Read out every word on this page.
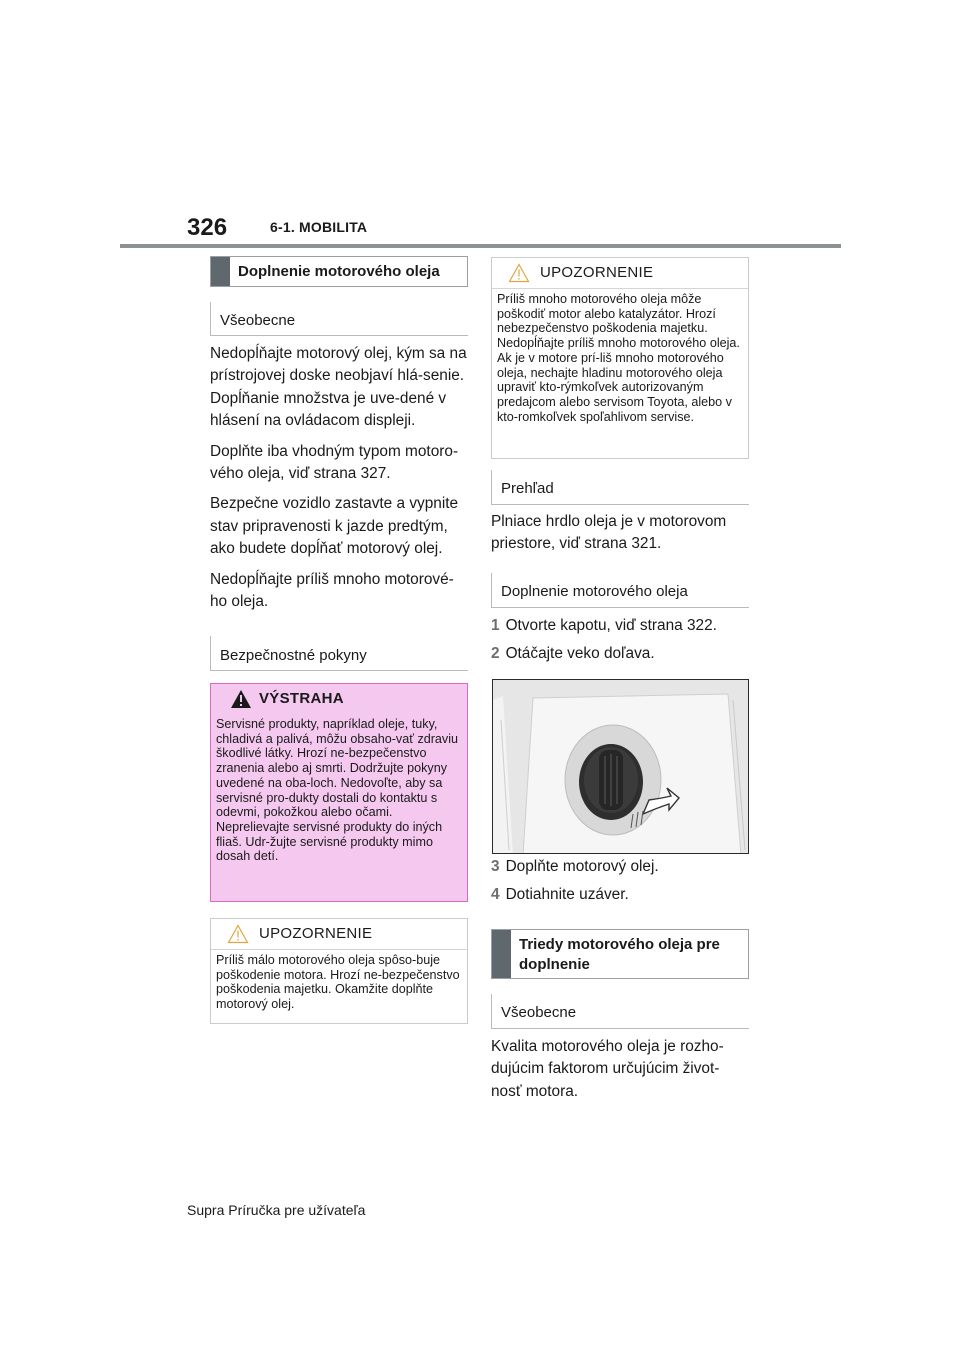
326	6-1. MOBILITA
Doplnenie motorového oleja
Všeobecne

Nedopĺňajte motorový olej, kým sa na prístrojovej doske neobjaví hlá-senie. Dopĺňanie množstva je uve-dené v hlásení na ovládacom displeji.

Doplňte iba vhodným typom motoro-vého oleja, viď strana 327.

Bezpečne vozidlo zastavte a vypnite stav pripravenosti k jazde predtým, ako budete dopĺňať motorový olej.

Nedopĺňajte príliš mnoho motorové-ho oleja.

Bezpečnostné pokyny
VÝSTRAHA
Servisné produkty, napríklad oleje, tuky, chladivá a palivá, môžu obsaho-vať zdraviu škodlivé látky. Hrozí ne-bezpečenstvo zranenia alebo aj smrti. Dodržujte pokyny uvedené na oba-loch. Nedovoľte, aby sa servisné pro-dukty dostali do kontaktu s odevmi, pokožkou alebo očami. Neprelievajte servisné produkty do iných fliaš. Udr-žujte servisné produkty mimo dosah detí.
UPOZORNENIE
Príliš málo motorového oleja spôso-buje poškodenie motora. Hrozí ne-bezpečenstvo poškodenia majetku. Okamžite doplňte motorový olej.
UPOZORNENIE
Príliš mnoho motorového oleja môže poškodiť motor alebo katalyzátor. Hrozí nebezpečenstvo poškodenia majetku. Nedopĺňajte príliš mnoho motorového oleja. Ak je v motore prí-liš mnoho motorového oleja, nechajte hladinu motorového oleja upraviť kto-rýmkoľvek autorizovaným predajcom alebo servisom Toyota, alebo v kto-romkoľvek spoľahlivom servise.
Prehľad

Plniace hrdlo oleja je v motorovom priestore, viď strana 321.

Doplnenie motorového oleja
1 Otvorte kapotu, viď strana 322.
2 Otáčajte veko doľava.
3 Doplňte motorový olej.
4 Dotiahnite uzáver.
Triedy motorového oleja pre doplnenie
Všeobecne

Kvalita motorového oleja je rozho-dujúcim faktorom určujúcim život-nosť motora.

Supra Príručka pre užívateľa
